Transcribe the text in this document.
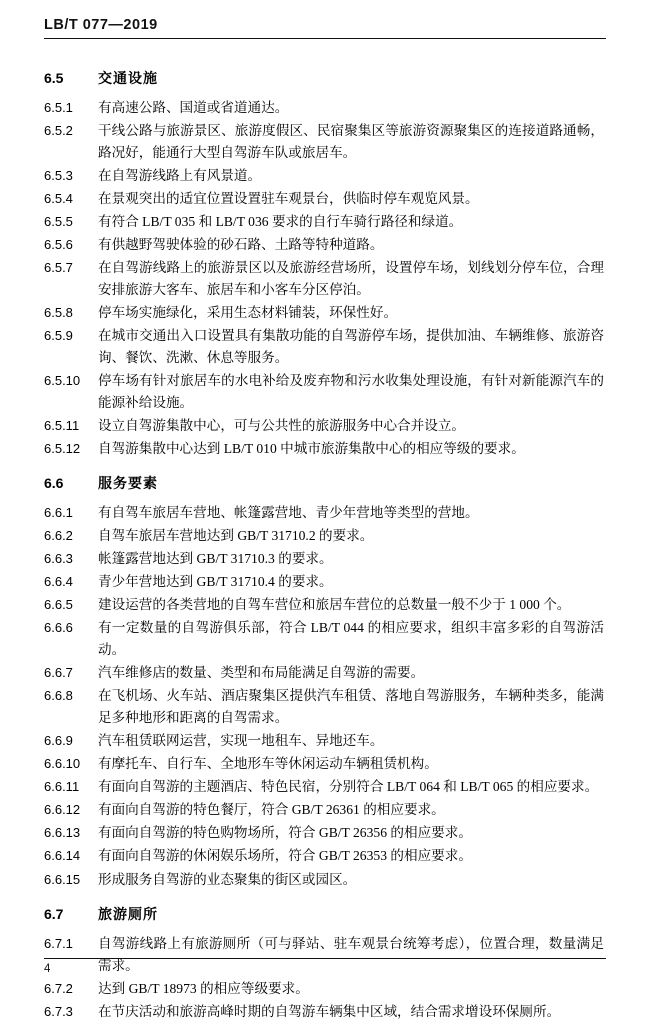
LB/T 077—2019
6.5	交通设施
6.5.1	有高速公路、国道或省道通达。
6.5.2	干线公路与旅游景区、旅游度假区、民宿聚集区等旅游资源聚集区的连接道路通畅，路况好，能通行大型自驾游车队或旅居车。
6.5.3	在自驾游线路上有风景道。
6.5.4	在景观突出的适宜位置设置驻车观景台，供临时停车观览风景。
6.5.5	有符合 LB/T 035 和 LB/T 036 要求的自行车骑行路径和绿道。
6.5.6	有供越野驾驶体验的砂石路、土路等特种道路。
6.5.7	在自驾游线路上的旅游景区以及旅游经营场所，设置停车场，划线划分停车位，合理安排旅游大客车、旅居车和小客车分区停泊。
6.5.8	停车场实施绿化，采用生态材料铺装，环保性好。
6.5.9	在城市交通出入口设置具有集散功能的自驾游停车场，提供加油、车辆维修、旅游咨询、餐饮、洗漱、休息等服务。
6.5.10	停车场有针对旅居车的水电补给及废弃物和污水收集处理设施，有针对新能源汽车的能源补给设施。
6.5.11	设立自驾游集散中心，可与公共性的旅游服务中心合并设立。
6.5.12	自驾游集散中心达到 LB/T 010 中城市旅游集散中心的相应等级的要求。
6.6	服务要素
6.6.1	有自驾车旅居车营地、帐篷露营地、青少年营地等类型的营地。
6.6.2	自驾车旅居车营地达到 GB/T 31710.2 的要求。
6.6.3	帐篷露营地达到 GB/T 31710.3 的要求。
6.6.4	青少年营地达到 GB/T 31710.4 的要求。
6.6.5	建设运营的各类营地的自驾车营位和旅居车营位的总数量一般不少于 1 000 个。
6.6.6	有一定数量的自驾游俱乐部，符合 LB/T 044 的相应要求，组织丰富多彩的自驾游活动。
6.6.7	汽车维修店的数量、类型和布局能满足自驾游的需要。
6.6.8	在飞机场、火车站、酒店聚集区提供汽车租赁、落地自驾游服务，车辆种类多，能满足多种地形和距离的自驾需求。
6.6.9	汽车租赁联网运营，实现一地租车、异地还车。
6.6.10	有摩托车、自行车、全地形车等休闲运动车辆租赁机构。
6.6.11	有面向自驾游的主题酒店、特色民宿，分别符合 LB/T 064 和 LB/T 065 的相应要求。
6.6.12	有面向自驾游的特色餐厅，符合 GB/T 26361 的相应要求。
6.6.13	有面向自驾游的特色购物场所，符合 GB/T 26356 的相应要求。
6.6.14	有面向自驾游的休闲娱乐场所，符合 GB/T 26353 的相应要求。
6.6.15	形成服务自驾游的业态聚集的街区或园区。
6.7	旅游厕所
6.7.1	自驾游线路上有旅游厕所（可与驿站、驻车观景台统筹考虑），位置合理，数量满足需求。
6.7.2	达到 GB/T 18973 的相应等级要求。
6.7.3	在节庆活动和旅游高峰时期的自驾游车辆集中区域，结合需求增设环保厕所。
4
